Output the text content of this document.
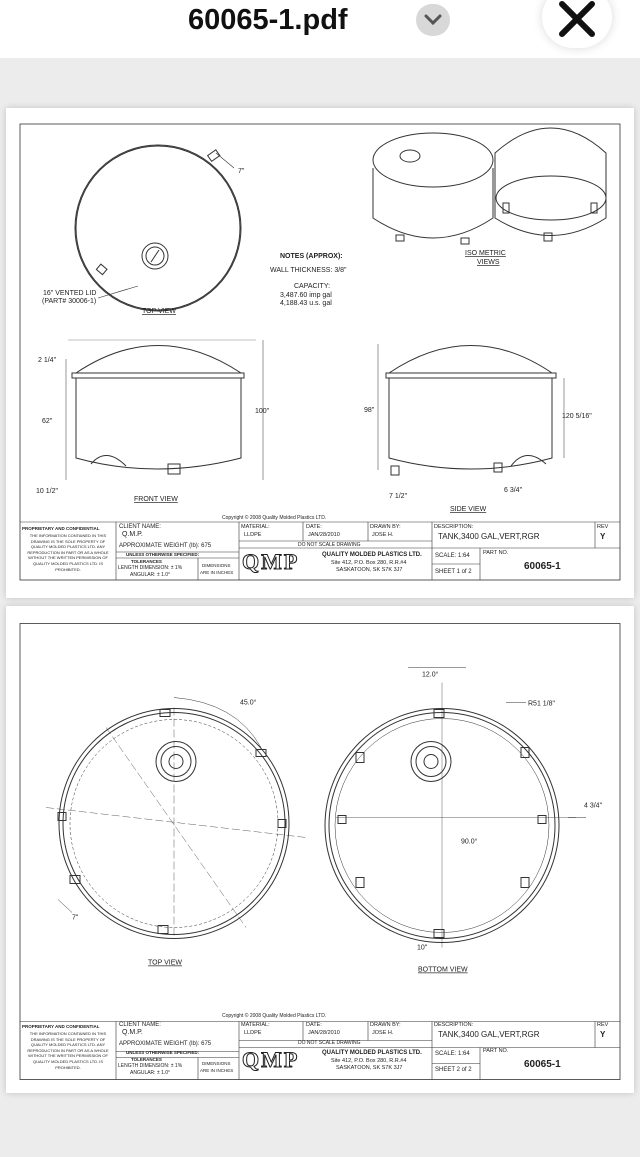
60065-1.pdf
7"
16" VENTED LID
(PART# 30006-1)
TOP VIEW
NOTES (APPROX):
WALL THICKNESS: 3/8"
CAPACITY:
3,487.60 imp gal
4,188.43 u.s. gal
ISO METRIC
VIEWS
2 1/4"
62"
100"
10 1/2"
FRONT VIEW
98"
120 5/16"
7 1/2"
6 3/4"
SIDE VIEW
Copyright © 2008 Quality Molded Plastics LTD.
PROPRIETARY AND CONFIDENTIAL
THE INFORMATION CONTAINED IN THIS DRAWING IS THE SOLE PROPERTY OF QUALITY MOLDED PLASTICS LTD. ANY REPRODUCTION IN PART OR AS A WHOLE WITHOUT THE WRITTEN PERMISSION OF QUALITY MOLDED PLASTICS LTD. IS PROHIBITED.
CLIENT NAME:
Q.M.P.
APPROXIMATE WEIGHT (lb): 675
UNLESS OTHERWISE SPECIFIED:
TOLERANCES
LENGTH DIMENSION: ± 1%
ANGULAR: ± 1.0°
DIMENSIONS
ARE IN INCHES
MATERIAL:
LLDPE
DATE:
JAN/28/2010
DRAWN BY:
JOSE H.
DO NOT SCALE DRAWING
QMP	QUALITY MOLDED PLASTICS LTD.
Site 412, P.O. Box 280, R.R.#4
SASKATOON, SK S7K 3J7
DESCRIPTION:
TANK,3400 GAL,VERT,RGR
REV
Y
SCALE: 1:64
SHEET 1 of 2
PART NO.
60065-1
45.0°
7"
TOP VIEW
12.0°
R51 1/8"
4 3/4"
90.0°
10"
BOTTOM VIEW
Copyright © 2008 Quality Molded Plastics LTD.
PROPRIETARY AND CONFIDENTIAL
THE INFORMATION CONTAINED IN THIS DRAWING IS THE SOLE PROPERTY OF QUALITY MOLDED PLASTICS LTD. ANY REPRODUCTION IN PART OR AS A WHOLE WITHOUT THE WRITTEN PERMISSION OF QUALITY MOLDED PLASTICS LTD. IS PROHIBITED.
CLIENT NAME:
Q.M.P.
APPROXIMATE WEIGHT (lb): 675
UNLESS OTHERWISE SPECIFIED:
TOLERANCES
LENGTH DIMENSION: ± 1%
ANGULAR: ± 1.0°
DIMENSIONS
ARE IN INCHES
MATERIAL:
LLDPE
DATE:
JAN/28/2010
DRAWN BY:
JOSE H.
DO NOT SCALE DRAWING
QMP	QUALITY MOLDED PLASTICS LTD.
Site 412, P.O. Box 280, R.R.#4
SASKATOON, SK S7K 3J7
DESCRIPTION:
TANK,3400 GAL,VERT,RGR
REV
Y
SCALE: 1:64
SHEET 2 of 2
PART NO.
60065-1
